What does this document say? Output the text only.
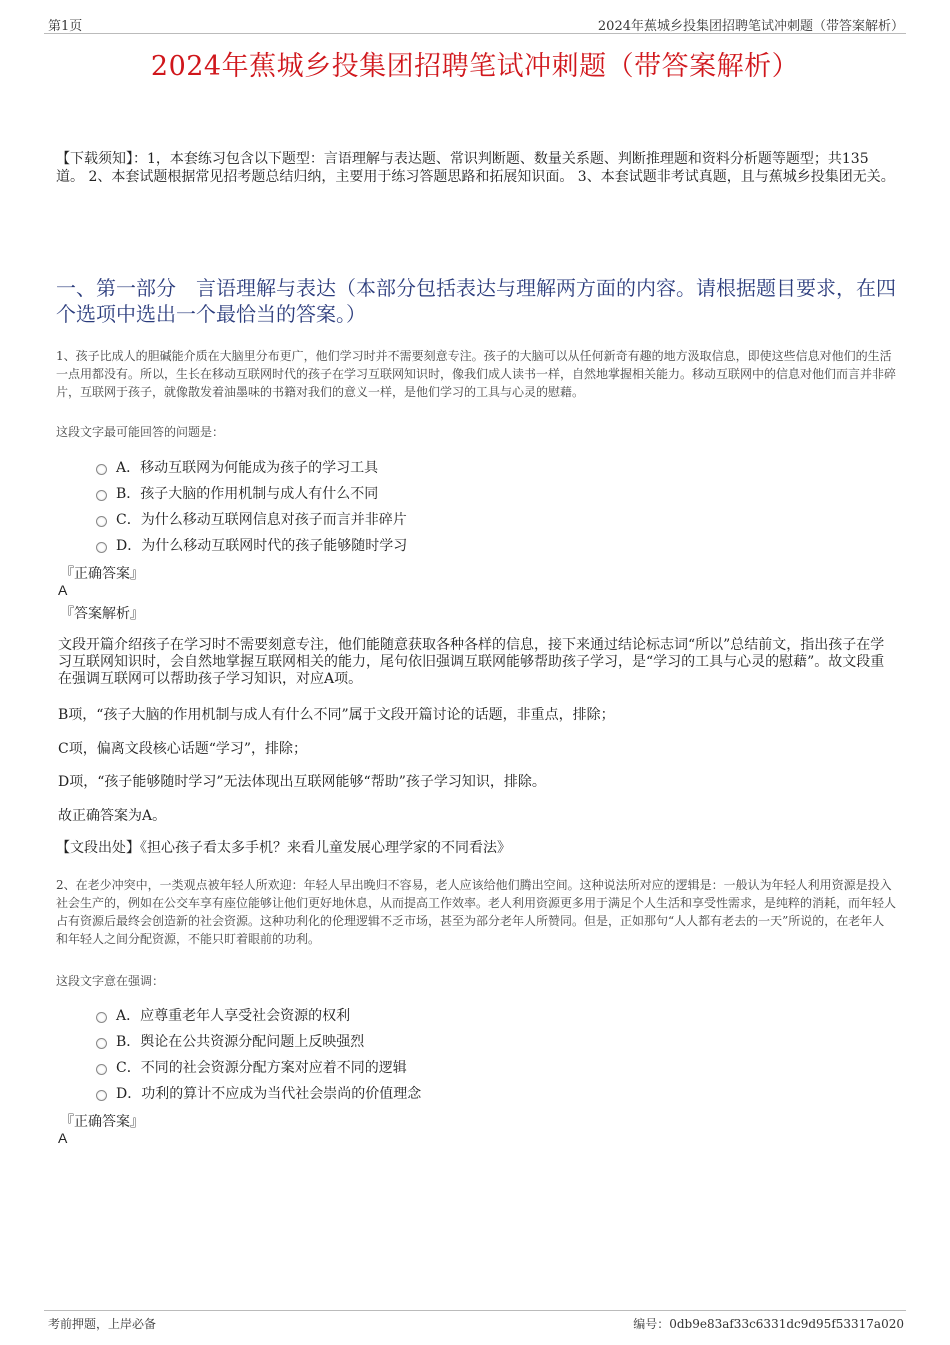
第1页	2024年蕉城乡投集团招聘笔试冲刺题（带答案解析）
2024年蕉城乡投集团招聘笔试冲刺题（带答案解析）
【下载须知】：1，本套练习包含以下题型：言语理解与表达题、常识判断题、数量关系题、判断推理题和资料分析题等题型；共135道。 2、本套试题根据常见招考题总结归纳，主要用于练习答题思路和拓展知识面。 3、本套试题非考试真题，且与蕉城乡投集团无关。
一、第一部分　言语理解与表达（本部分包括表达与理解两方面的内容。请根据题目要求，在四个选项中选出一个最恰当的答案。）
1、孩子比成人的胆碱能介质在大脑里分布更广，他们学习时并不需要刻意专注。孩子的大脑可以从任何新奇有趣的地方汲取信息，即使这些信息对他们的生活一点用都没有。所以，生长在移动互联网时代的孩子在学习互联网知识时，像我们成人读书一样，自然地掌握相关能力。移动互联网中的信息对他们而言并非碎片，互联网于孩子，就像散发着油墨味的书籍对我们的意义一样，是他们学习的工具与心灵的慰藉。
这段文字最可能回答的问题是：
A．移动互联网为何能成为孩子的学习工具
B．孩子大脑的作用机制与成人有什么不同
C．为什么移动互联网信息对孩子而言并非碎片
D．为什么移动互联网时代的孩子能够随时学习
『正确答案』
A
『答案解析』
文段开篇介绍孩子在学习时不需要刻意专注，他们能随意获取各种各样的信息，接下来通过结论标志词“所以”总结前文，指出孩子在学习互联网知识时，会自然地掌握互联网相关的能力，尾句依旧强调互联网能够帮助孩子学习，是“学习的工具与心灵的慰藉”。故文段重在强调互联网可以帮助孩子学习知识，对应A项。
B项，“孩子大脑的作用机制与成人有什么不同”属于文段开篇讨论的话题，非重点，排除；
C项，偏离文段核心话题“学习”，排除；
D项，“孩子能够随时学习”无法体现出互联网能够“帮助”孩子学习知识，排除。
故正确答案为A。
【文段出处】《担心孩子看太多手机？来看儿童发展心理学家的不同看法》
2、在老少冲突中，一类观点被年轻人所欢迎：年轻人早出晚归不容易，老人应该给他们腾出空间。这种说法所对应的逻辑是：一般认为年轻人利用资源是投入社会生产的，例如在公交车享有座位能够让他们更好地休息，从而提高工作效率。老人利用资源更多用于满足个人生活和享受性需求，是纯粹的消耗，而年轻人占有资源后最终会创造新的社会资源。这种功利化的伦理逻辑不乏市场，甚至为部分老年人所赞同。但是，正如那句“人人都有老去的一天”所说的，在老年人和年轻人之间分配资源，不能只盯着眼前的功利。
这段文字意在强调：
A．应尊重老年人享受社会资源的权利
B．舆论在公共资源分配问题上反映强烈
C．不同的社会资源分配方案对应着不同的逻辑
D．功利的算计不应成为当代社会崇尚的价值理念
『正确答案』
A
考前押题，上岸必备	编号：0db9e83af33c6331dc9d95f53317a020
